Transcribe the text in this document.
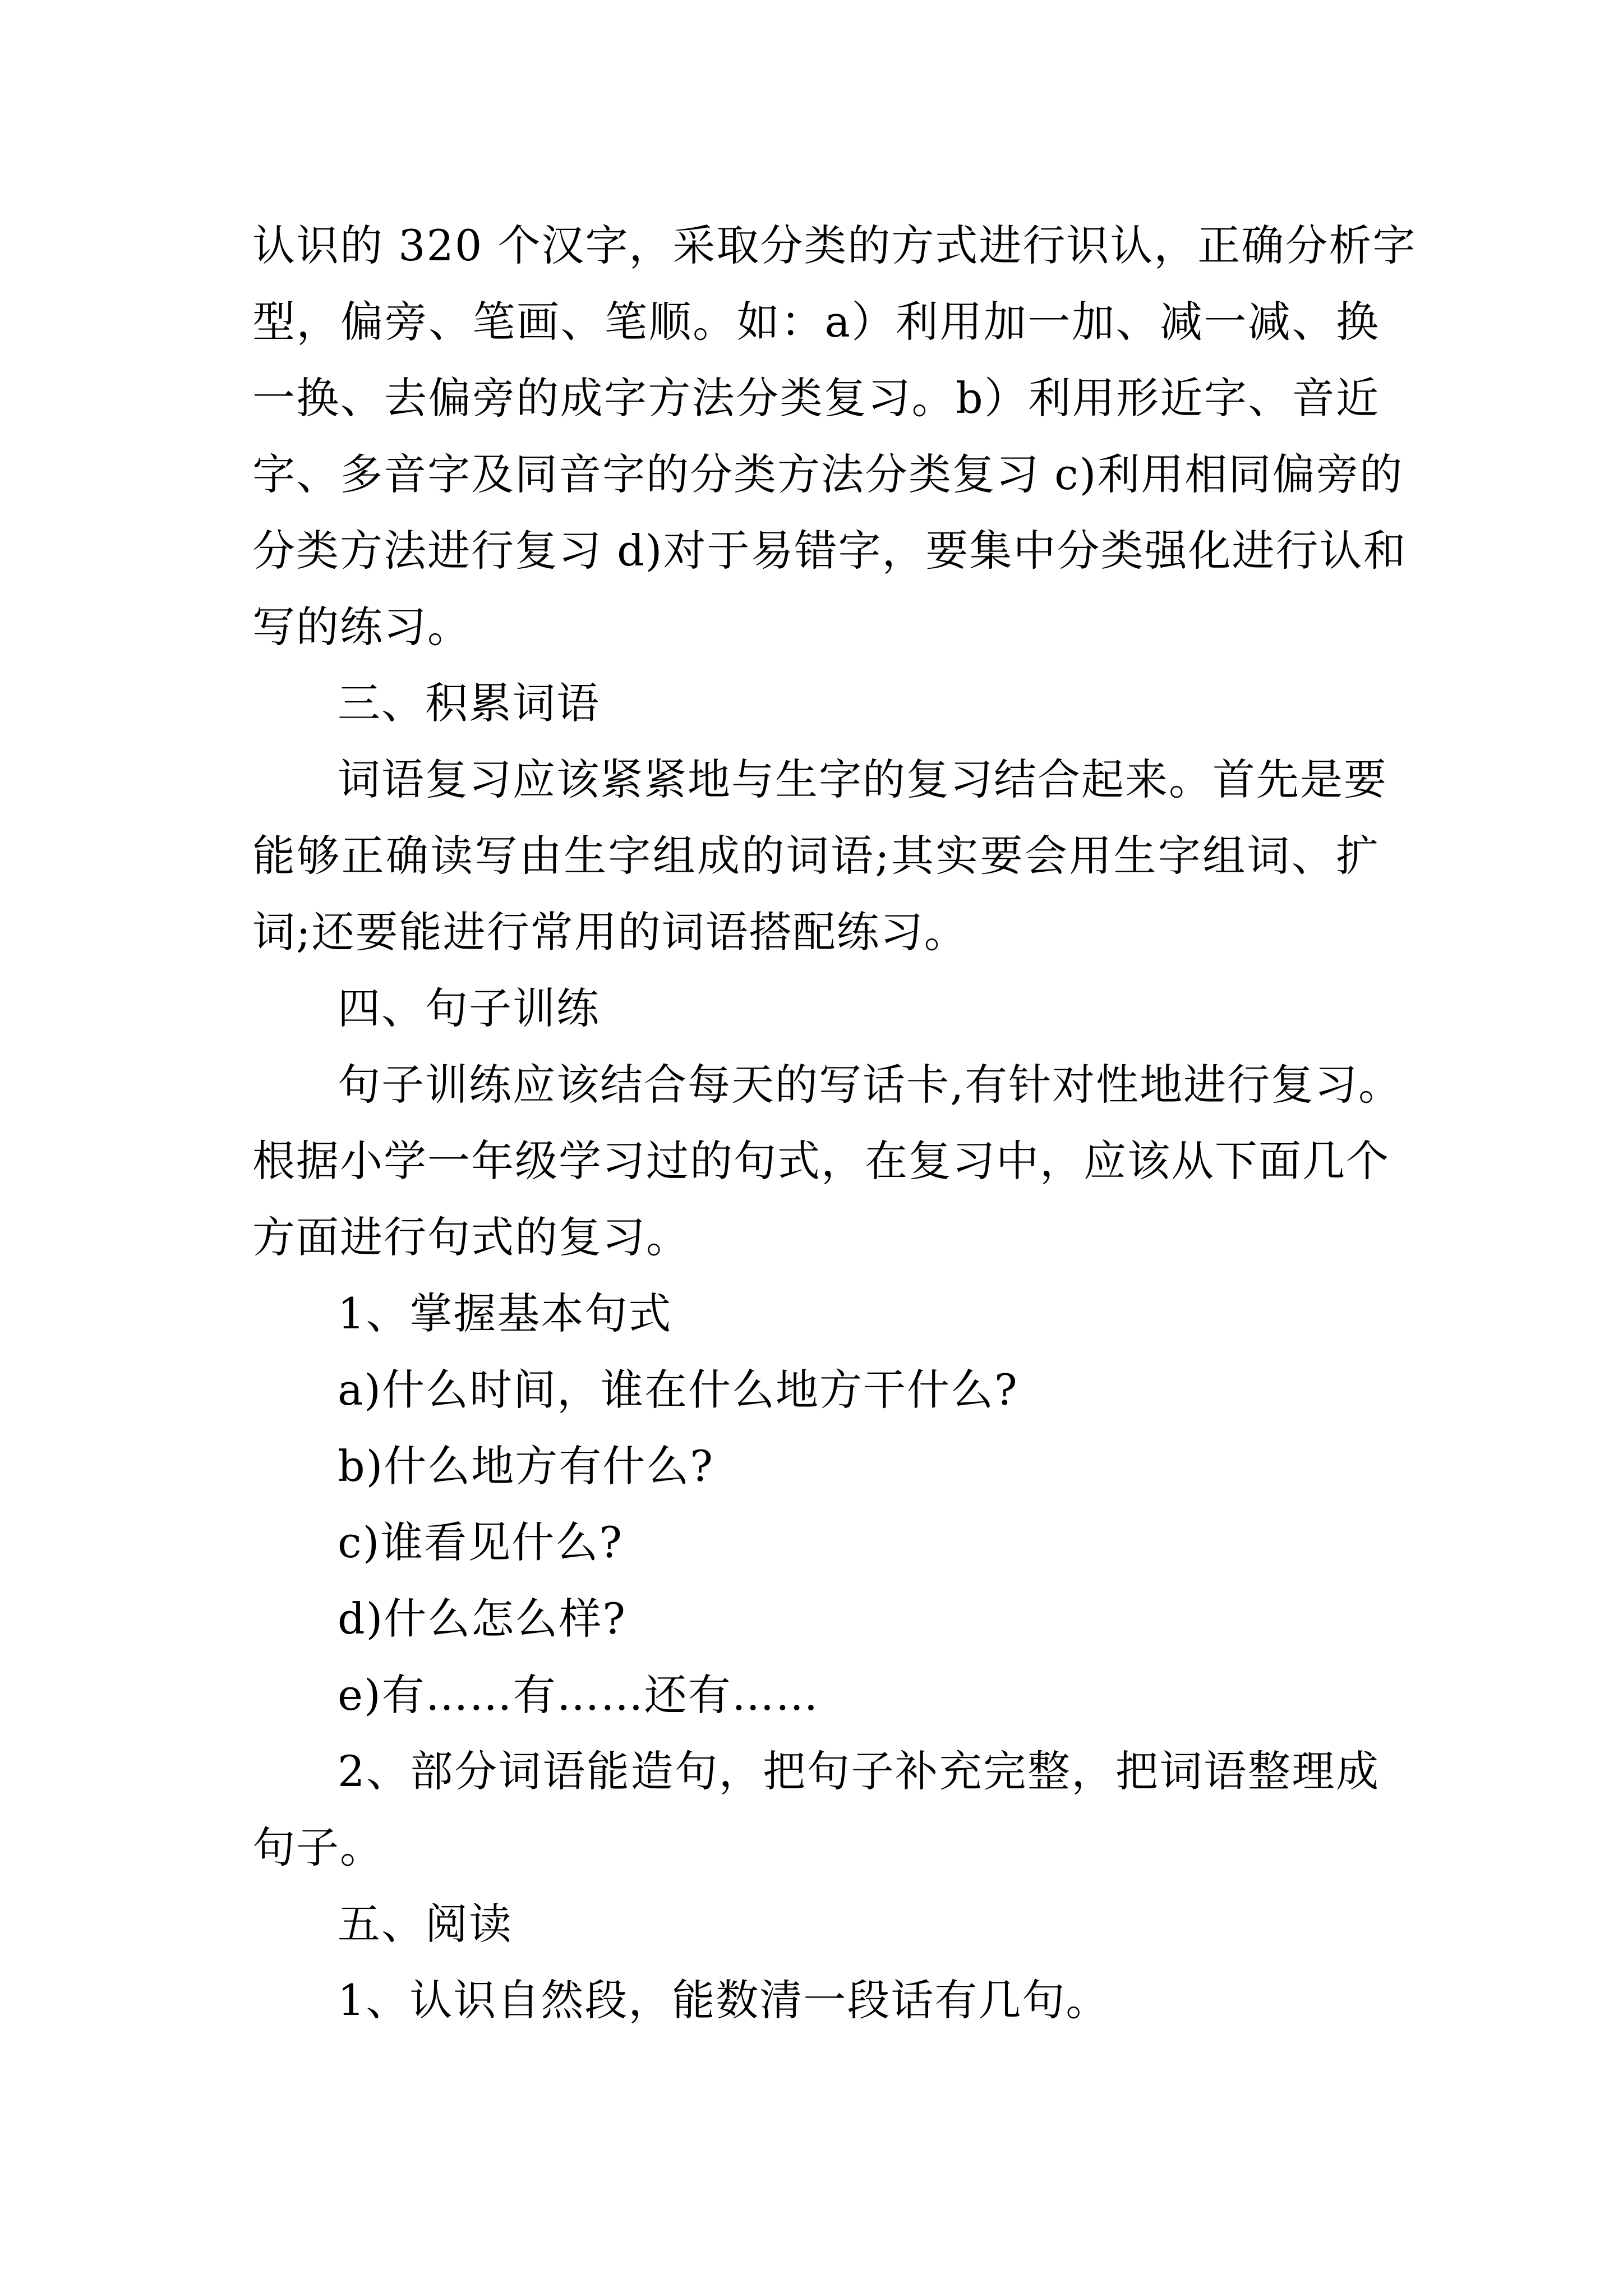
认识的 320 个汉字，采取分类的方式进行识认，正确分析字
型，偏旁、笔画、笔顺。如：a）利用加一加、减一减、换
一换、去偏旁的成字方法分类复习。b）利用形近字、音近
字、多音字及同音字的分类方法分类复习 c)利用相同偏旁的
分类方法进行复习 d)对于易错字，要集中分类强化进行认和
写的练习。

三、积累词语

词语复习应该紧紧地与生字的复习结合起来。首先是要
能够正确读写由生字组成的词语;其实要会用生字组词、扩
词;还要能进行常用的词语搭配练习。

四、句子训练

句子训练应该结合每天的写话卡,有针对性地进行复习。
根据小学一年级学习过的句式，在复习中，应该从下面几个
方面进行句式的复习。

1、掌握基本句式

a)什么时间，谁在什么地方干什么?

b)什么地方有什么?

c)谁看见什么?

d)什么怎么样?

e)有……有……还有……

2、部分词语能造句，把句子补充完整，把词语整理成
句子。

五、阅读

1、认识自然段，能数清一段话有几句。
